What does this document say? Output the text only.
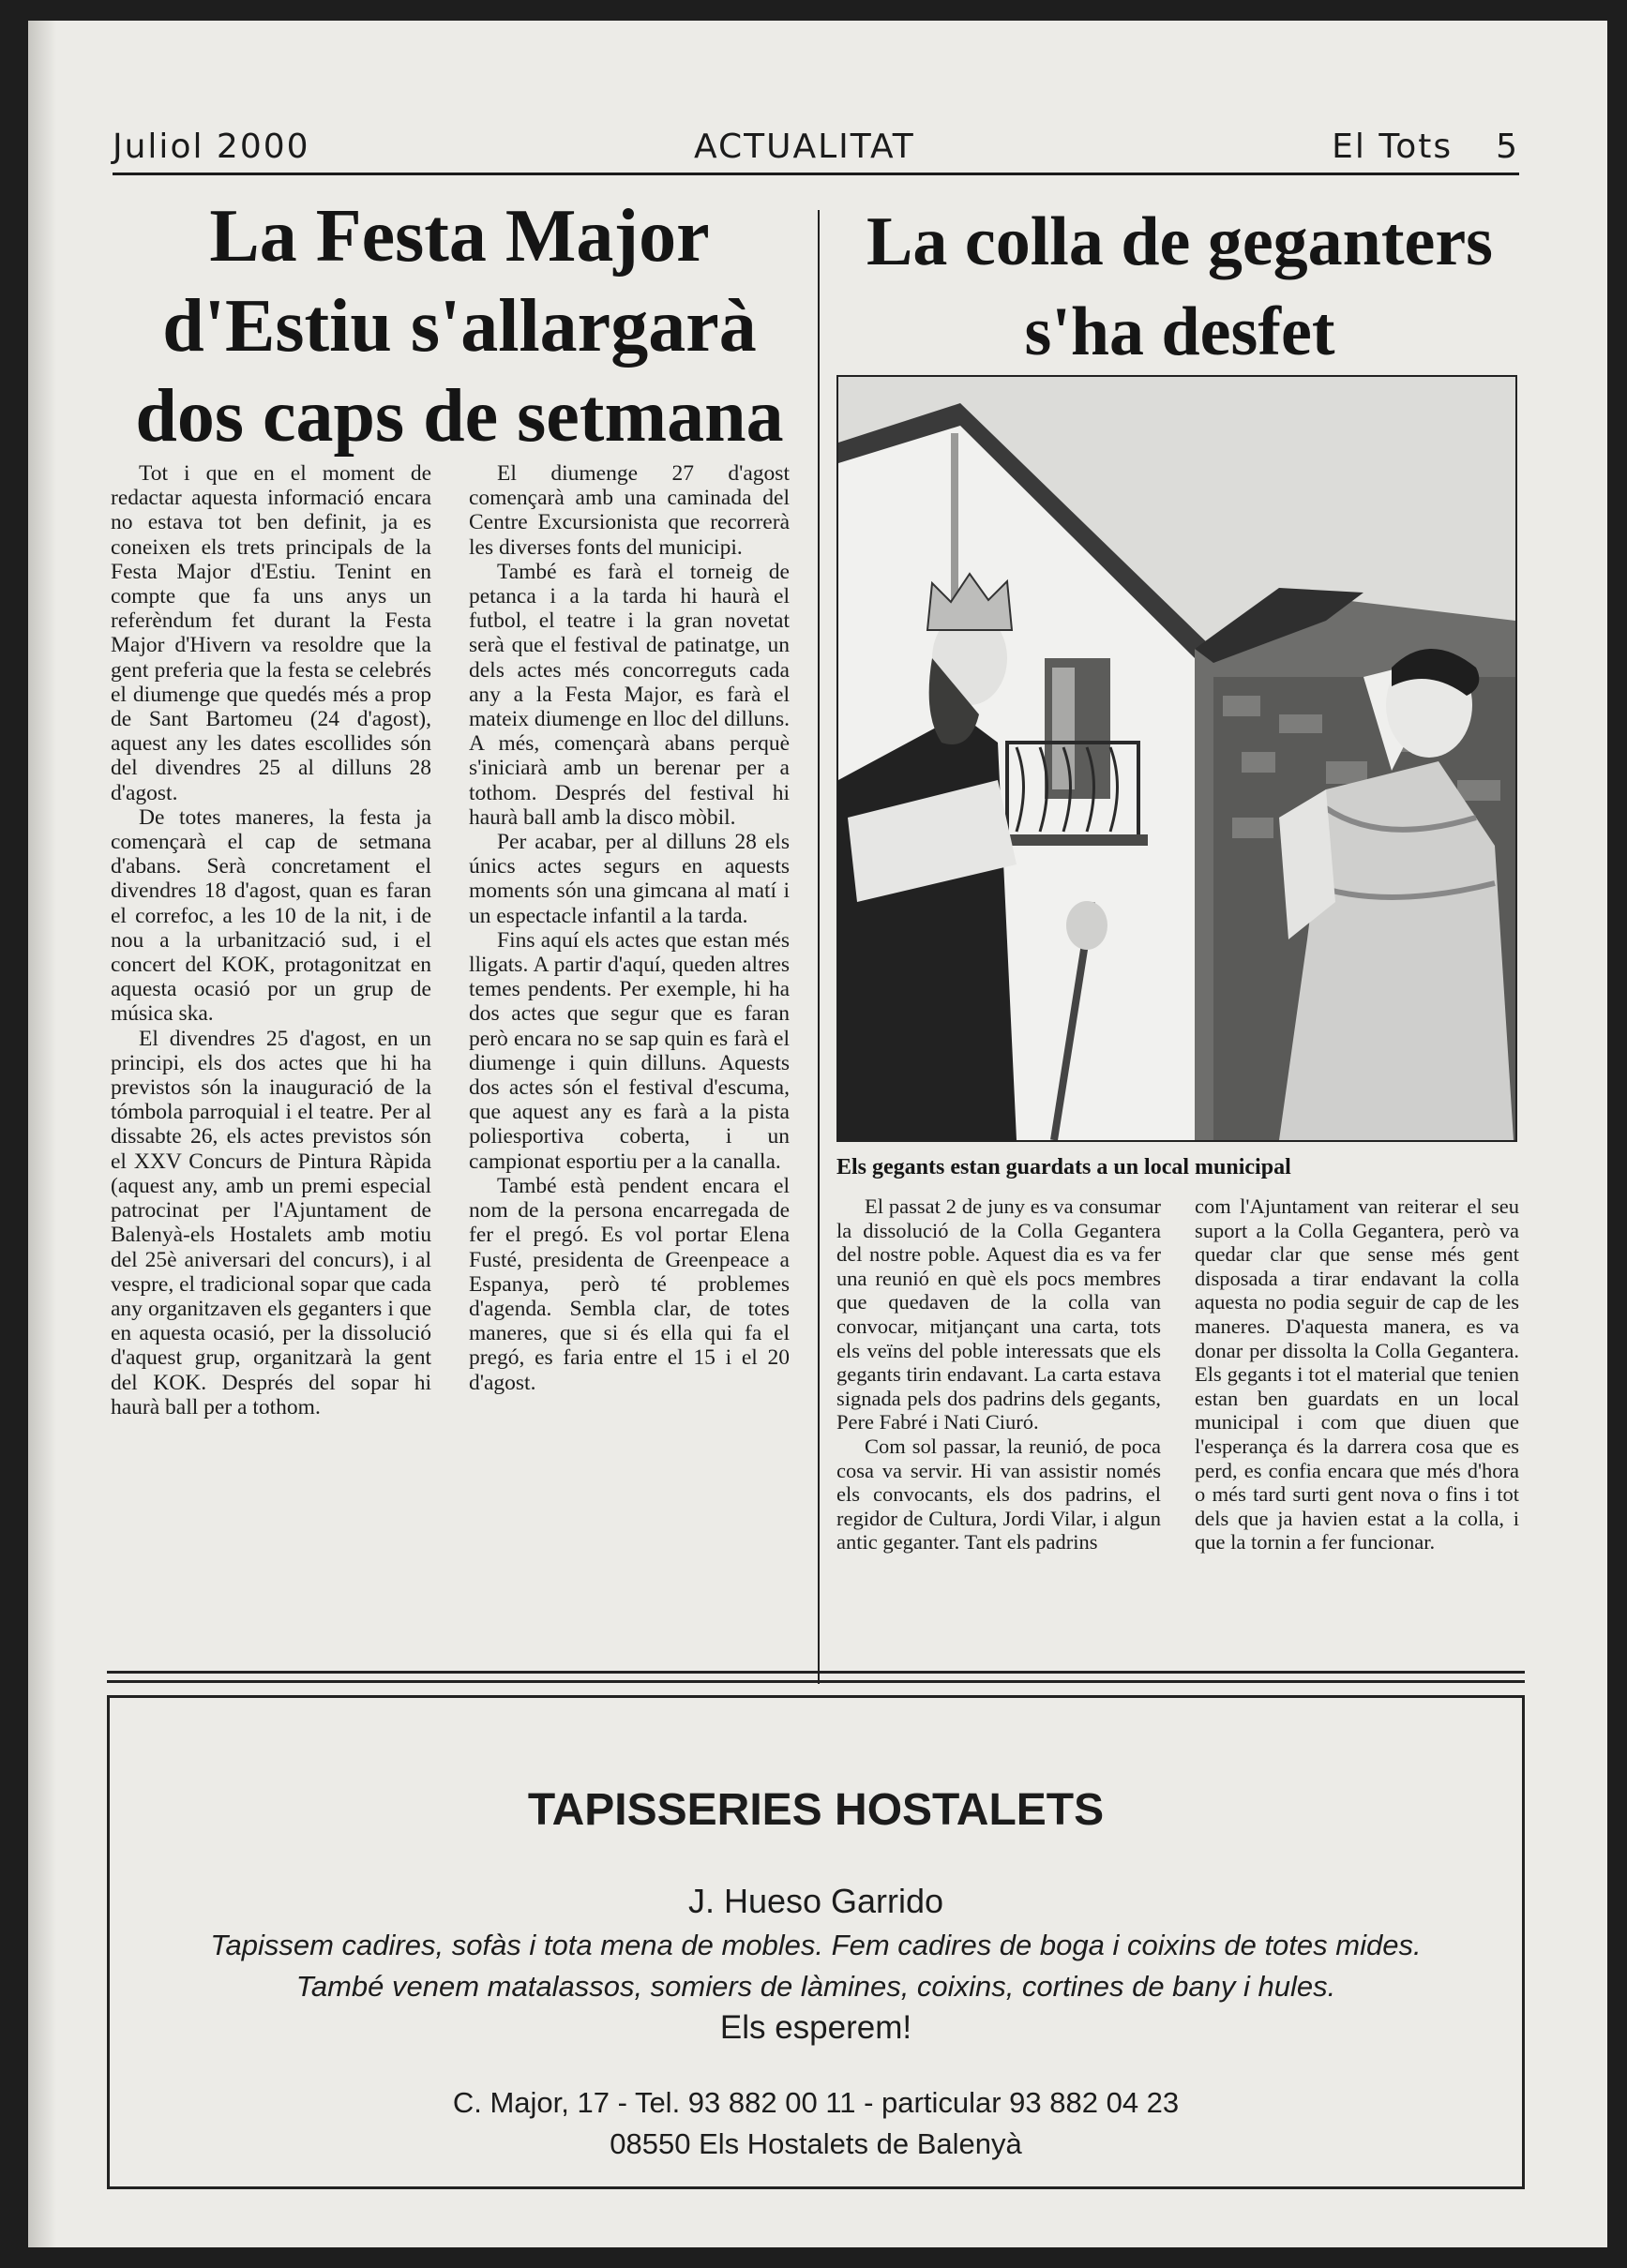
Juliol 2000	ACTUALITAT	El Tots 5
La Festa Major d'Estiu s'allargarà dos caps de setmana

Tot i que en el moment de redactar aquesta informació encara no estava tot ben definit, ja es coneixen els trets principals de la Festa Major d'Estiu. Tenint en compte que fa uns anys un referèndum fet durant la Festa Major d'Hivern va resoldre que la gent preferia que la festa se celebrés el diumenge que quedés més a prop de Sant Bartomeu (24 d'agost), aquest any les dates escollides són del divendres 25 al dilluns 28 d'agost.

De totes maneres, la festa ja començarà el cap de setmana d'abans. Serà concretament el divendres 18 d'agost, quan es faran el correfoc, a les 10 de la nit, i de nou a la urbanització sud, i el concert del KOK, protagonitzat en aquesta ocasió por un grup de música ska.

El divendres 25 d'agost, en un principi, els dos actes que hi ha previstos són la inauguració de la tómbola parroquial i el teatre. Per al dissabte 26, els actes previstos són el XXV Concurs de Pintura Ràpida (aquest any, amb un premi especial patrocinat per l'Ajuntament de Balenyà-els Hostalets amb motiu del 25è aniversari del concurs), i al vespre, el tradicional sopar que cada any organitzaven els geganters i que en aquesta ocasió, per la dissolució d'aquest grup, organitzarà la gent del KOK. Després del sopar hi haurà ball per a tothom.

El diumenge 27 d'agost començarà amb una caminada del Centre Excursionista que recorrerà les diverses fonts del municipi.

També es farà el torneig de petanca i a la tarda hi haurà el futbol, el teatre i la gran novetat serà que el festival de patinatge, un dels actes més concorreguts cada any a la Festa Major, es farà el mateix diumenge en lloc del dilluns. A més, començarà abans perquè s'iniciarà amb un berenar per a tothom. Després del festival hi haurà ball amb la disco mòbil.

Per acabar, per al dilluns 28 els únics actes segurs en aquests moments són una gimcana al matí i un espectacle infantil a la tarda.

Fins aquí els actes que estan més lligats. A partir d'aquí, queden altres temes pendents. Per exemple, hi ha dos actes que segur que es faran però encara no se sap quin es farà el diumenge i quin dilluns. Aquests dos actes són el festival d'escuma, que aquest any es farà a la pista poliesportiva coberta, i un campionat esportiu per a la canalla.

També està pendent encara el nom de la persona encarregada de fer el pregó. Es vol portar Elena Fusté, presidenta de Greenpeace a Espanya, però té problemes d'agenda. Sembla clar, de totes maneres, que si és ella qui fa el pregó, es faria entre el 15 i el 20 d'agost.

La colla de geganters s'ha desfet
Els gegants estan guardats a un local municipal

El passat 2 de juny es va consumar la dissolució de la Colla Gegantera del nostre poble. Aquest dia es va fer una reunió en què els pocs membres que quedaven de la colla van convocar, mitjançant una carta, tots els veïns del poble interessats que els gegants tirin endavant. La carta estava signada pels dos padrins dels gegants, Pere Fabré i Nati Ciuró.

Com sol passar, la reunió, de poca cosa va servir. Hi van assistir només els convocants, els dos padrins, el regidor de Cultura, Jordi Vilar, i algun antic geganter. Tant els padrins

com l'Ajuntament van reiterar el seu suport a la Colla Gegantera, però va quedar clar que sense més gent disposada a tirar endavant la colla aquesta no podia seguir de cap de les maneres. D'aquesta manera, es va donar per dissolta la Colla Gegantera. Els gegants i tot el material que tenien estan ben guardats en un local municipal i com que diuen que l'esperança és la darrera cosa que es perd, es confia encara que més d'hora o més tard surti gent nova o fins i tot dels que ja havien estat a la colla, i que la tornin a fer funcionar.

TAPISSERIES HOSTALETS
J. Hueso Garrido
Tapissem cadires, sofàs i tota mena de mobles. Fem cadires de boga i coixins de totes mides.
També venem matalassos, somiers de làmines, coixins, cortines de bany i hules.
Els esperem!
C. Major, 17 - Tel. 93 882 00 11 - particular 93 882 04 23
08550 Els Hostalets de Balenyà
